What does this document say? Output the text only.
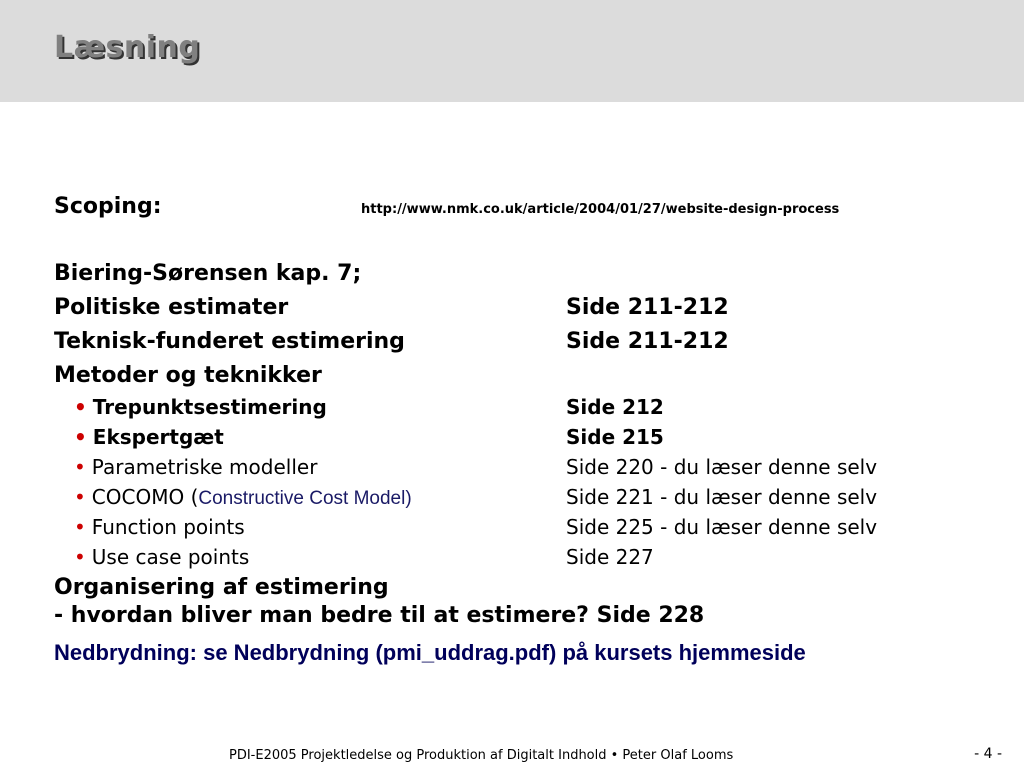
Læsning
Scoping:	http://www.nmk.co.uk/article/2004/01/27/website-design-process
Biering-Sørensen kap. 7;
Politiske estimater	Side 211-212
Teknisk-funderet estimering	Side 211-212
Metoder og teknikker
• Trepunktsestimering	Side 212
• Ekspertgæt	Side 215
• Parametriske modeller	Side 220 - du læser denne selv
• COCOMO (Constructive Cost Model)	Side 221 - du læser denne selv
• Function points	Side 225 - du læser denne selv
• Use case points	Side 227
Organisering af estimering
- hvordan bliver man bedre til at estimere? Side 228
Nedbrydning: se Nedbrydning (pmi_uddrag.pdf) på kursets hjemmeside
PDI-E2005 Projektledelse og Produktion af Digitalt Indhold • Peter Olaf Looms	- 4 -
